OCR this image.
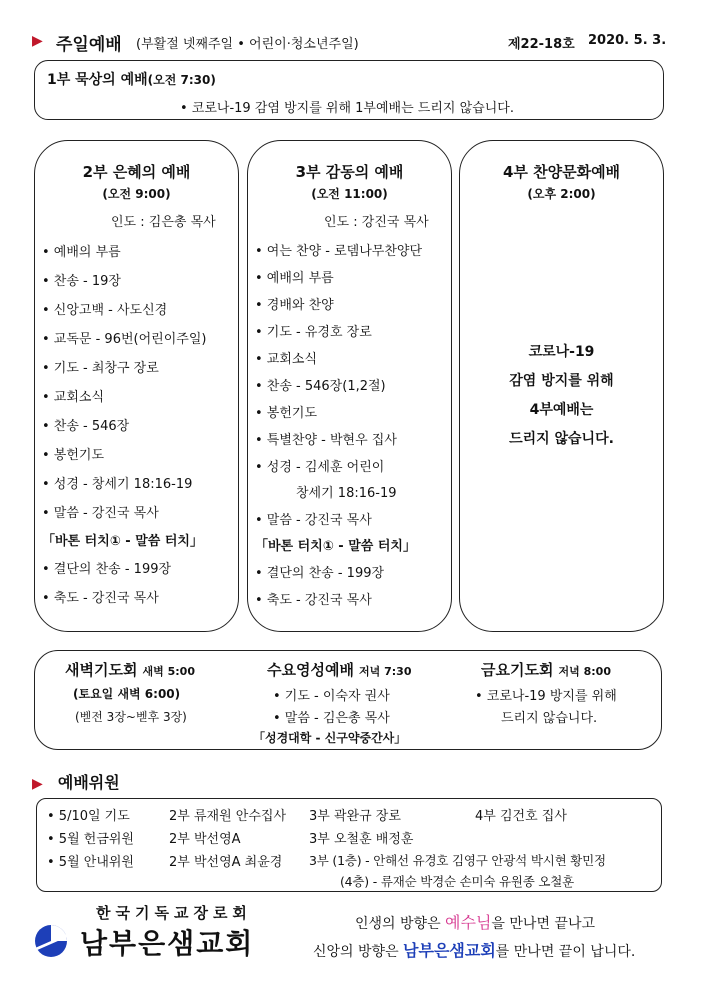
▶ 주일예배 (부활절 넷째주일 • 어린이·청소년주일)	제22-18호 2020. 5. 3.
1부 묵상의 예배(오전 7:30)
• 코로나-19 감염 방지를 위해 1부예배는 드리지 않습니다.
2부 은혜의 예배
(오전 9:00)
인도 : 김은총 목사
• 예배의 부름
• 찬송 - 19장
• 신앙고백 - 사도신경
• 교독문 - 96번(어린이주일)
• 기도 - 최창구 장로
• 교회소식
• 찬송 - 546장
• 봉헌기도
• 성경 - 창세기 18:16-19
• 말씀 - 강진국 목사
「바톤 터치① - 말씀 터치」
• 결단의 찬송 - 199장
• 축도 - 강진국 목사
3부 감동의 예배
(오전 11:00)
인도 : 강진국 목사
• 여는 찬양 - 로뎀나무찬양단
• 예배의 부름
• 경배와 찬양
• 기도 - 유경호 장로
• 교회소식
• 찬송 - 546장(1,2절)
• 봉헌기도
• 특별찬양 - 박현우 집사
• 성경 - 김세훈 어린이
창세기 18:16-19
• 말씀 - 강진국 목사
「바톤 터치① - 말씀 터치」
• 결단의 찬송 - 199장
• 축도 - 강진국 목사
4부 찬양문화예배
(오후 2:00)
코로나-19
감염 방지를 위해
4부예배는
드리지 않습니다.
새벽기도회 새벽 5:00
(토요일 새벽 6:00)
(벧전 3장~벧후 3장)
수요영성예배 저녁 7:30
• 기도 - 이숙자 권사
• 말씀 - 김은총 목사
「성경대학 - 신구약중간사」
금요기도회 저녁 8:00
• 코로나-19 방지를 위해
드리지 않습니다.
▶ 예배위원
• 5/10일 기도	2부 류재원 안수집사 3부 곽완규 장로	4부 김건호 집사
• 5월 헌금위원	2부 박선영A	3부 오철훈 배정훈
• 5월 안내위원	2부 박선영A 최윤경 3부 (1층) - 안해선 유경호 김영구 안광석 박시현 황민정
(4층) - 류재순 박경순 손미숙 유원종 오철훈
한국기독교장로회
남부은샘교회
인생의 방향은 예수님을 만나면 끝나고
신앙의 방향은 남부은샘교회를 만나면 끝이 납니다.
